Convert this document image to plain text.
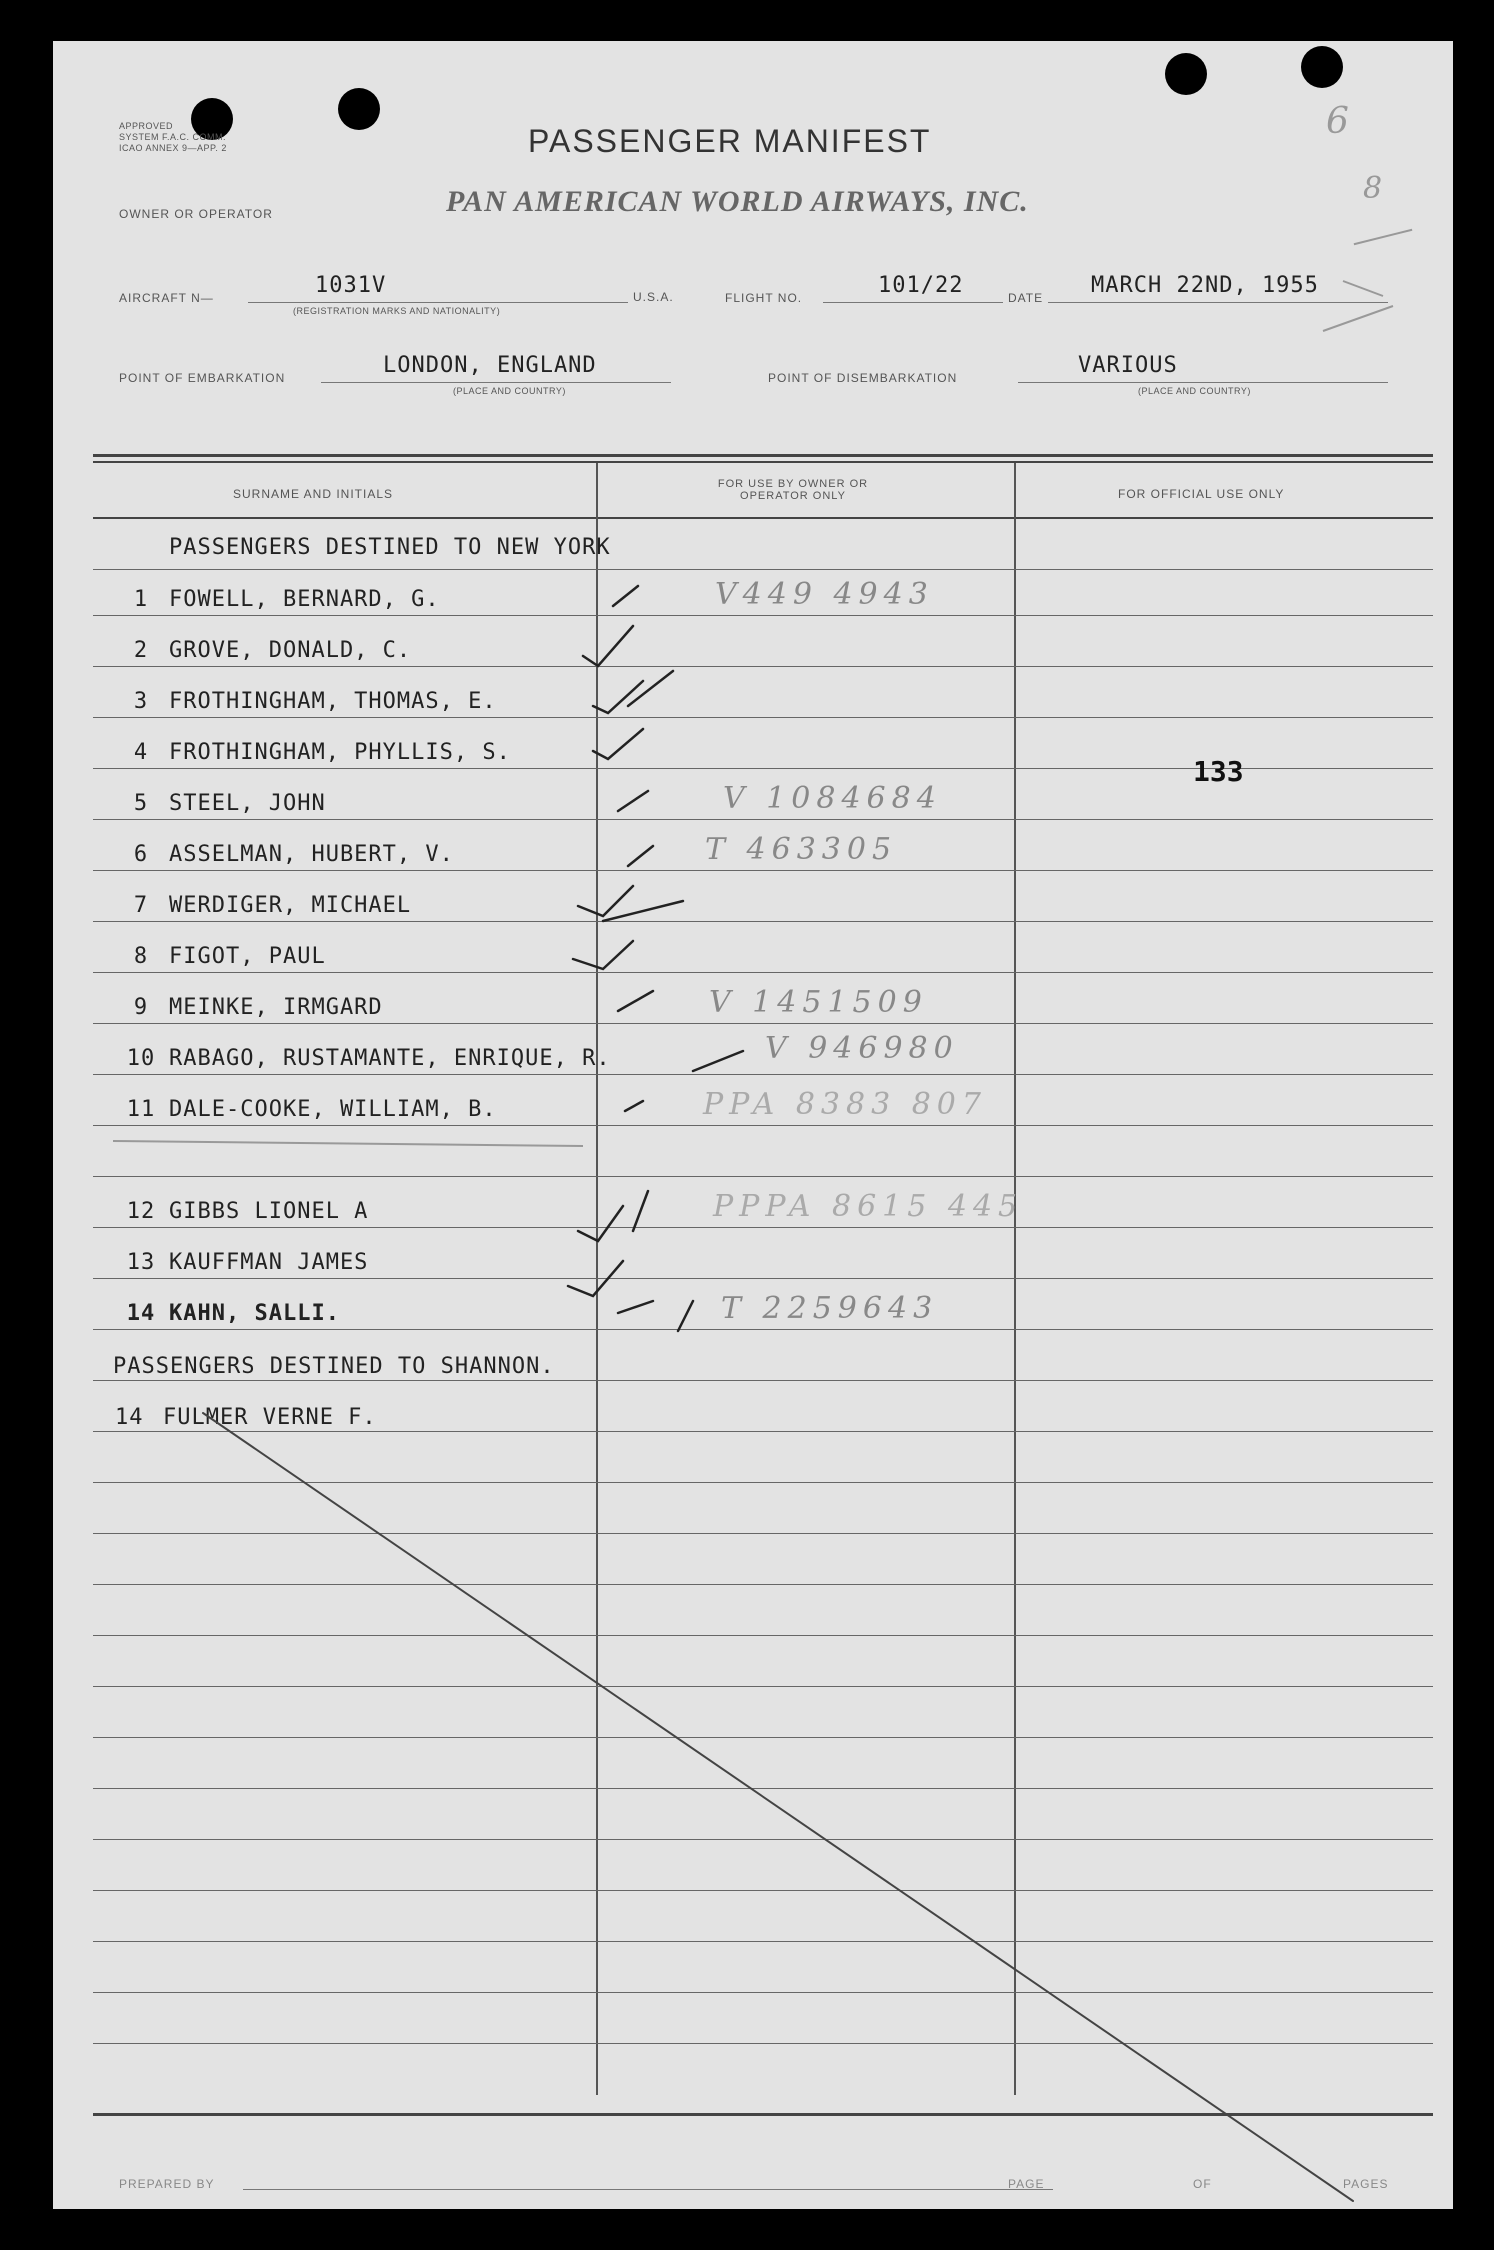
APPROVED
SYSTEM F.A.C. COMM.
ICAO ANNEX 9—APP. 2	PASSENGER MANIFEST
OWNER OR OPERATOR	PAN AMERICAN WORLD AIRWAYS, INC.
6
8
AIRCRAFT N—	1031V
(REGISTRATION MARKS AND NATIONALITY)
U.S.A.	FLIGHT NO.	101/22	DATE MARCH 22ND, 1955
POINT OF EMBARKATION	LONDON, ENGLAND
(PLACE AND COUNTRY)
POINT OF DISEMBARKATION	VARIOUS
(PLACE AND COUNTRY)
SURNAME AND INITIALS
FOR USE BY OWNER OR OPERATOR ONLY	FOR OFFICIAL USE ONLY
PASSENGERS DESTINED TO NEW YORK
1 FOWELL, BERNARD, G.	V449 4943
2 GROVE, DONALD, C.
3 FROTHINGHAM, THOMAS, E.
4 FROTHINGHAM, PHYLLIS, S.
5 STEEL, JOHN	V 1084684
6 ASSELMAN, HUBERT, V.	T 463305
7 WERDIGER, MICHAEL
8 FIGOT, PAUL
9 MEINKE, IRMGARD	V 1451509
10 RABAGO, RUSTAMANTE, ENRIQUE, R.	V 946980
11 DALE-COOKE, WILLIAM, B.	PPA 8383 807
12 GIBBS LIONEL A	PPPA 8615 445
13 KAUFFMAN JAMES
14 KAHN, SALLI.	T 2259643
PASSENGERS DESTINED TO SHANNON.
14 FULMER VERNE F.
133
PREPARED BY	PAGE	OF	PAGES
